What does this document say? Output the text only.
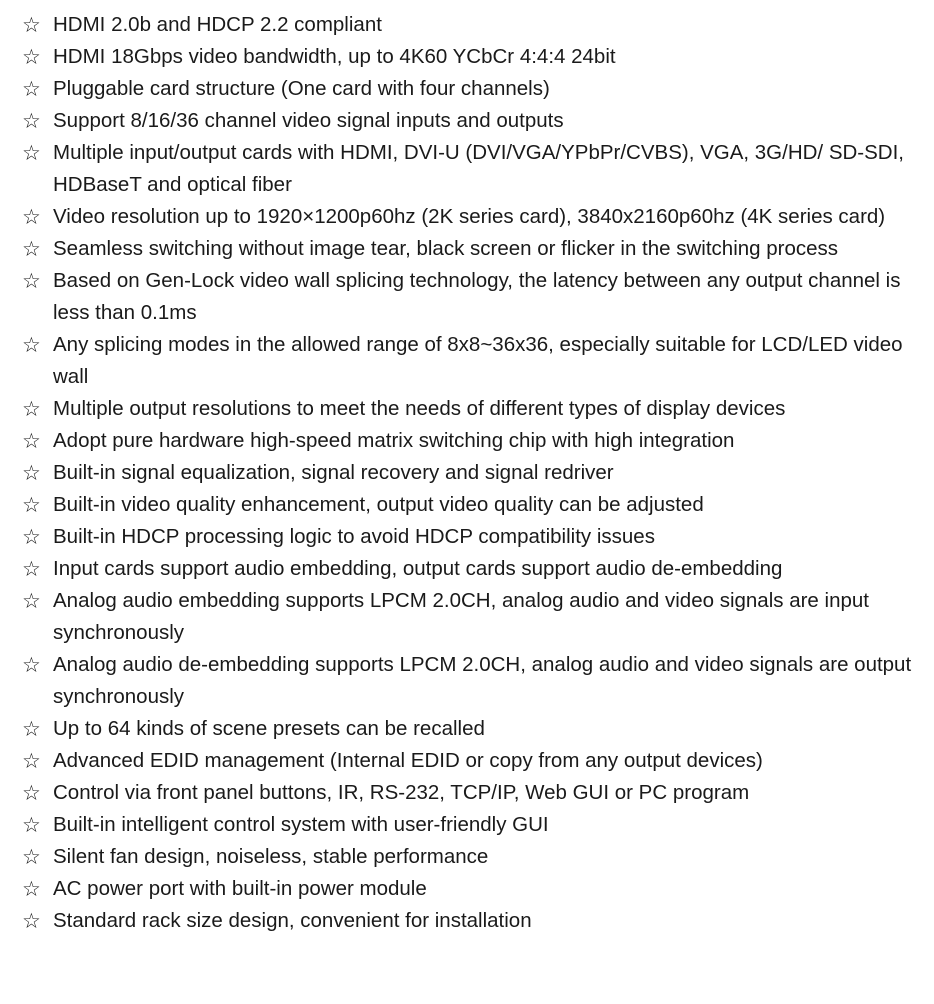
☆ HDMI 2.0b and HDCP 2.2 compliant
☆ HDMI 18Gbps video bandwidth, up to 4K60 YCbCr 4:4:4 24bit
☆ Pluggable card structure (One card with four channels)
☆ Support 8/16/36 channel video signal inputs and outputs
☆ Multiple input/output cards with HDMI, DVI-U (DVI/VGA/YPbPr/CVBS), VGA, 3G/HD/ SD-SDI, HDBaseT and optical fiber
☆ Video resolution up to 1920×1200p60hz (2K series card), 3840x2160p60hz (4K series card)
☆ Seamless switching without image tear, black screen or flicker in the switching process
☆ Based on Gen-Lock video wall splicing technology, the latency between any output channel is less than 0.1ms
☆ Any splicing modes in the allowed range of 8x8~36x36, especially suitable for LCD/LED video wall
☆ Multiple output resolutions to meet the needs of different types of display devices
☆ Adopt pure hardware high-speed matrix switching chip with high integration
☆ Built-in signal equalization, signal recovery and signal redriver
☆ Built-in video quality enhancement, output video quality can be adjusted
☆ Built-in HDCP processing logic to avoid HDCP compatibility issues
☆ Input cards support audio embedding, output cards support audio de-embedding
☆ Analog audio embedding supports LPCM 2.0CH, analog audio and video signals are input synchronously
☆ Analog audio de-embedding supports LPCM 2.0CH, analog audio and video signals are output synchronously
☆ Up to 64 kinds of scene presets can be recalled
☆ Advanced EDID management (Internal EDID or copy from any output devices)
☆ Control via front panel buttons, IR, RS-232, TCP/IP, Web GUI or PC program
☆ Built-in intelligent control system with user-friendly GUI
☆ Silent fan design, noiseless, stable performance
☆ AC power port with built-in power module
☆ Standard rack size design, convenient for installation
